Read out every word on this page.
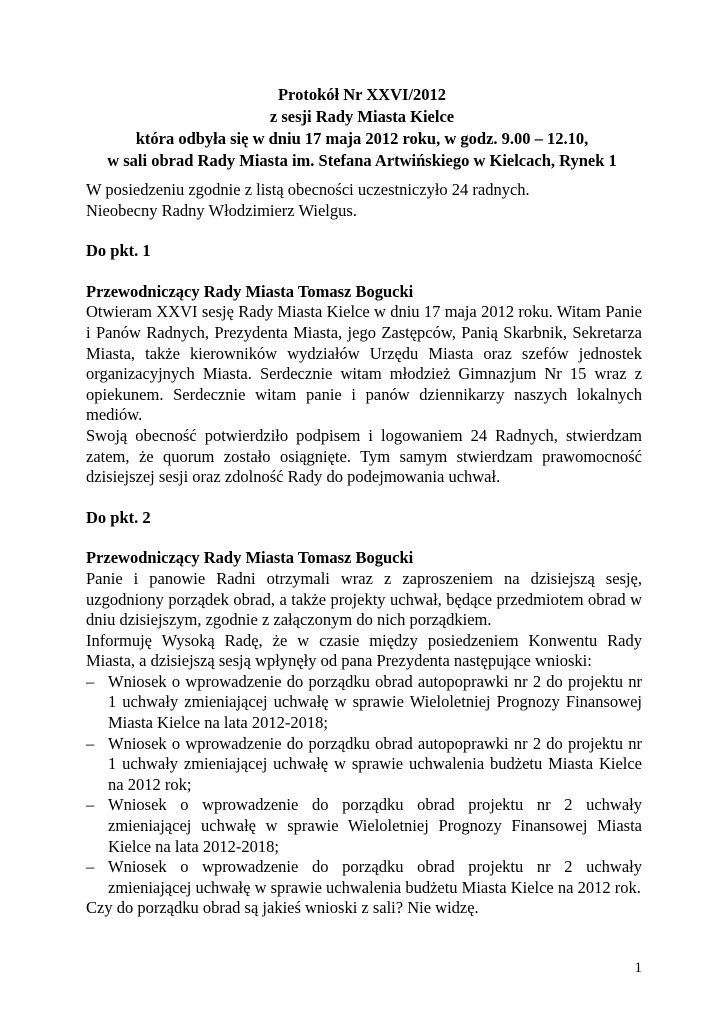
Protokół Nr XXVI/2012
z sesji Rady Miasta Kielce
która odbyła się w dniu 17 maja 2012 roku, w godz. 9.00 – 12.10,
w sali obrad Rady Miasta im. Stefana Artwińskiego w Kielcach, Rynek 1

W posiedzeniu zgodnie z listą obecności uczestniczyło 24 radnych.

Nieobecny Radny Włodzimierz Wielgus.

Do pkt. 1

Przewodniczący Rady Miasta Tomasz Bogucki

Otwieram XXVI sesję Rady Miasta Kielce w dniu 17 maja 2012 roku. Witam Panie i Panów Radnych, Prezydenta Miasta, jego Zastępców, Panią Skarbnik, Sekretarza Miasta, także kierowników wydziałów Urzędu Miasta oraz szefów jednostek organizacyjnych Miasta. Serdecznie witam młodzież Gimnazjum Nr 15 wraz z opiekunem. Serdecznie witam panie i panów dziennikarzy naszych lokalnych mediów.

Swoją obecność potwierdziło podpisem i logowaniem 24 Radnych, stwierdzam zatem, że quorum zostało osiągnięte. Tym samym stwierdzam prawomocność dzisiejszej sesji oraz zdolność Rady do podejmowania uchwał.

Do pkt. 2

Przewodniczący Rady Miasta Tomasz Bogucki

Panie i panowie Radni otrzymali wraz z zaproszeniem na dzisiejszą sesję, uzgodniony porządek obrad, a także projekty uchwał, będące przedmiotem obrad w dniu dzisiejszym, zgodnie z załączonym do nich porządkiem.

Informuję Wysoką Radę, że w czasie między posiedzeniem Konwentu Rady Miasta, a dzisiejszą sesją wpłynęły od pana Prezydenta następujące wnioski:

– Wniosek o wprowadzenie do porządku obrad autopoprawki nr 2 do projektu nr 1 uchwały zmieniającej uchwałę w sprawie Wieloletniej Prognozy Finansowej Miasta Kielce na lata 2012-2018;
– Wniosek o wprowadzenie do porządku obrad autopoprawki nr 2 do projektu nr 1 uchwały zmieniającej uchwałę w sprawie uchwalenia budżetu Miasta Kielce na 2012 rok;
– Wniosek o wprowadzenie do porządku obrad projektu nr 2 uchwały zmieniającej uchwałę w sprawie Wieloletniej Prognozy Finansowej Miasta Kielce na lata 2012-2018;
– Wniosek o wprowadzenie do porządku obrad projektu nr 2 uchwały zmieniającej uchwałę w sprawie uchwalenia budżetu Miasta Kielce na 2012 rok.

Czy do porządku obrad są jakieś wnioski z sali? Nie widzę.

1
